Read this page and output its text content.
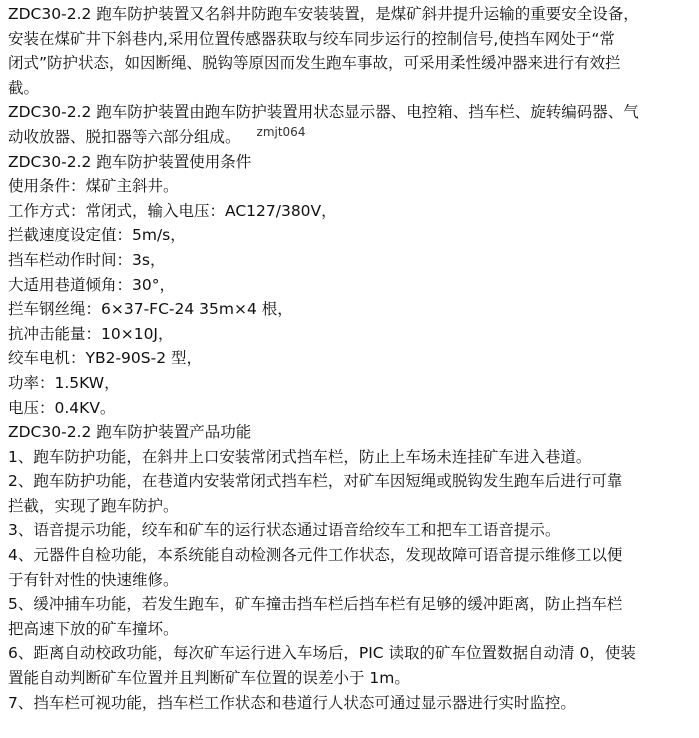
ZDC30-2.2 跑车防护装置又名斜井防跑车安装装置，是煤矿斜井提升运输的重要安全设备，
安装在煤矿井下斜巷内,采用位置传感器获取与绞车同步运行的控制信号,使挡车网处于“常
闭式”防护状态，如因断绳、脱钩等原因而发生跑车事故，可采用柔性缓冲器来进行有效拦
截。
ZDC30-2.2 跑车防护装置由跑车防护装置用状态显示器、电控箱、挡车栏、旋转编码器、气
动收放器、脱扣器等六部分组成。 $^{zmjt064}$
ZDC30-2.2 跑车防护装置使用条件
使用条件：煤矿主斜井。
工作方式：常闭式，输入电压：AC127/380V，
拦截速度设定值：5m/s，
挡车栏动作时间：3s，
大适用巷道倾角：30°，
拦车钢丝绳：6×37-FC-24 35m×4 根，
抗冲击能量：10×10J，
绞车电机：YB2-90S-2 型，
功率：1.5KW，
电压：0.4KV。
ZDC30-2.2 跑车防护装置产品功能
1、跑车防护功能，在斜井上口安装常闭式挡车栏，防止上车场未连挂矿车进入巷道。
2、跑车防护功能，在巷道内安装常闭式挡车栏，对矿车因短绳或脱钩发生跑车后进行可靠
拦截，实现了跑车防护。
3、语音提示功能，绞车和矿车的运行状态通过语音给绞车工和把车工语音提示。
4、元器件自检功能，本系统能自动检测各元件工作状态，发现故障可语音提示维修工以便
于有针对性的快速维修。
5、缓冲捕车功能，若发生跑车，矿车撞击挡车栏后挡车栏有足够的缓冲距离，防止挡车栏
把高速下放的矿车撞坏。
6、距离自动校政功能，每次矿车运行进入车场后，PIC 读取的矿车位置数据自动清 0，使装
置能自动判断矿车位置并且判断矿车位置的误差小于 1m。
7、挡车栏可视功能，挡车栏工作状态和巷道行人状态可通过显示器进行实时监控。
